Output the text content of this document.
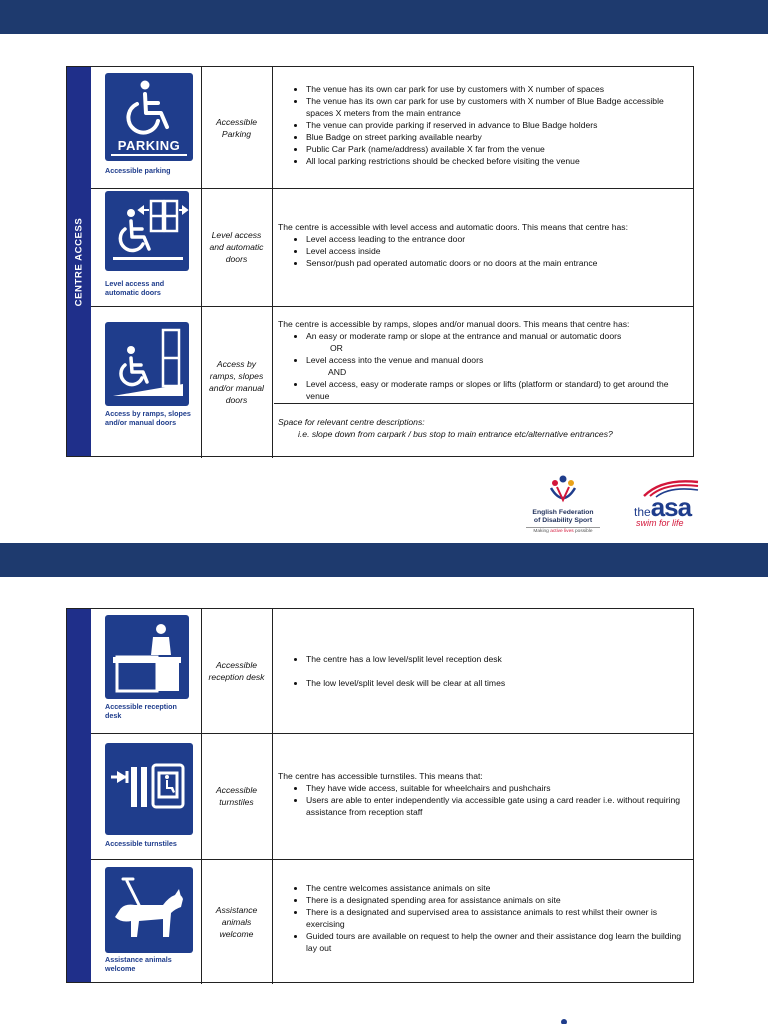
CENTRE ACCESS
PARKING
Accessible parking
Accessible Parking
• The venue has its own car park for use by customers with X number of spaces
• The venue has its own car park for use by customers with X number of Blue Badge accessible spaces X meters from the main entrance
• The venue can provide parking if reserved in advance to Blue Badge holders
• Blue Badge on street parking available nearby
• Public Car Park (name/address) available X far from the venue
• All local parking restrictions should be checked before visiting the venue
Level access and automatic doors
Level access and automatic doors
The centre is accessible with level access and automatic doors. This means that centre has:
• Level access leading to the entrance door
• Level access inside
• Sensor/push pad operated automatic doors or no doors at the main entrance
Access by ramps, slopes and/or manual doors
Access by ramps, slopes and/or manual doors
The centre is accessible by ramps, slopes and/or manual doors. This means that centre has:
• An easy or moderate ramp or slope at the entrance and manual or automatic doors
OR
• Level access into the venue and manual doors
AND
• Level access, easy or moderate ramps or slopes or lifts (platform or standard) to get around the venue
Space for relevant centre descriptions:
i.e. slope down from carpark / bus stop to main entrance etc/alternative entrances?
English Federation
of Disability Sport
Making active lives possible
theasa
swim for life
Accessible reception desk
Accessible reception desk
• The centre has a low level/split level reception desk
• The low level/split level desk will be clear at all times
Accessible turnstiles
Accessible turnstiles
The centre has accessible turnstiles. This means that:
• They have wide access, suitable for wheelchairs and pushchairs
• Users are able to enter independently via accessible gate using a card reader i.e. without requiring assistance from reception staff
Assistance animals welcome
Assistance animals welcome
• The centre welcomes assistance animals on site
• There is a designated spending area for assistance animals on site
• There is a designated and supervised area to assistance animals to rest whilst their owner is exercising
• Guided tours are available on request to help the owner and their assistance dog learn the building lay out
